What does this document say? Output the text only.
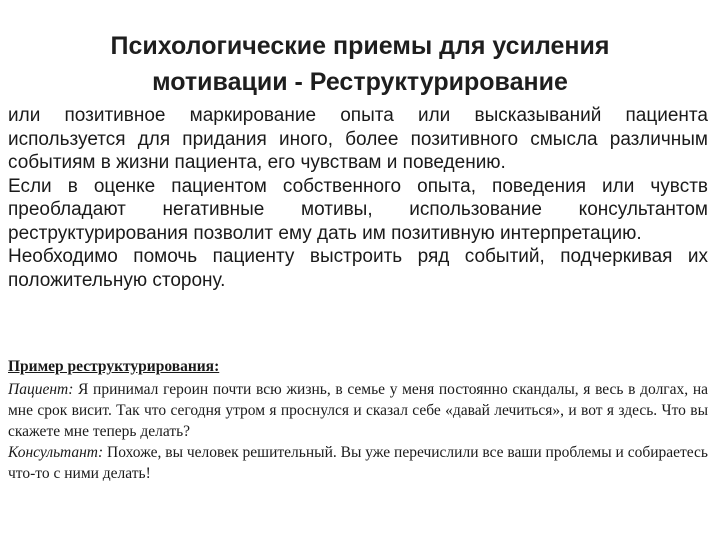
Психологические приемы для усиления
мотивации - Реструктурирование

или позитивное маркирование опыта или высказываний пациента используется для придания иного, более позитивного смысла различным событиям в жизни пациента, его чувствам и поведению.

Если в оценке пациентом собственного опыта, поведения или чувств преобладают негативные мотивы, использование консультантом реструктурирования позволит ему дать им позитивную интерпретацию.

Необходимо помочь пациенту выстроить ряд событий, подчеркивая их положительную сторону.

Пример реструктурирования:

Пациент: Я принимал героин почти всю жизнь, в семье у меня постоянно скандалы, я весь в долгах, на мне срок висит. Так что сегодня утром я проснулся и сказал себе «давай лечиться», и вот я здесь. Что вы скажете мне теперь делать?

Консультант: Похоже, вы человек решительный. Вы уже перечислили все ваши проблемы и собираетесь что-то с ними делать!
